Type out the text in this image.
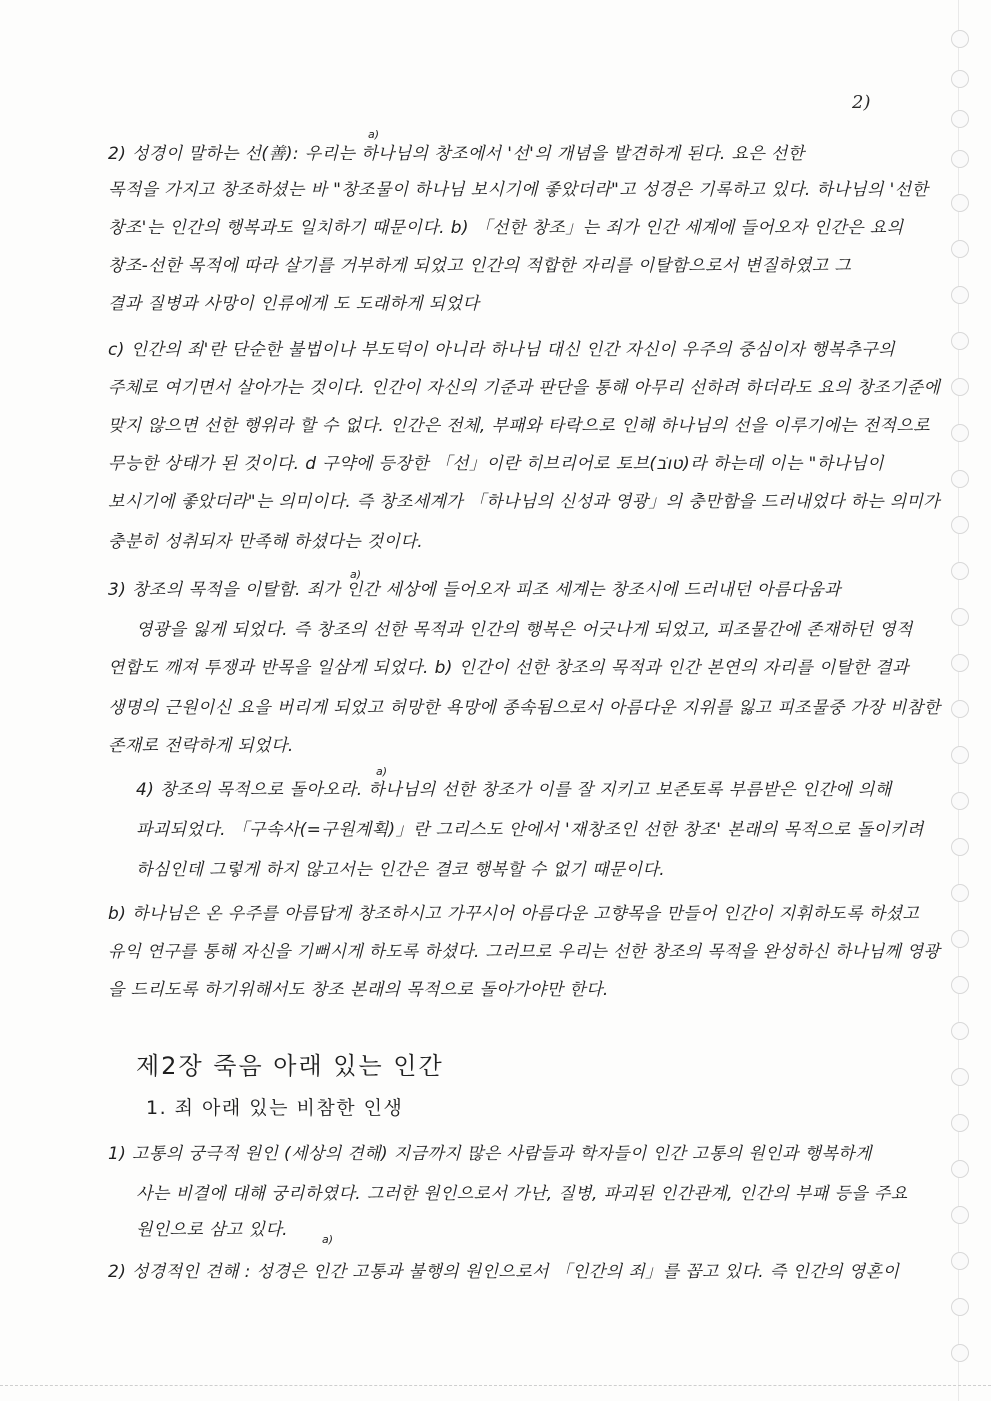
2)
a)
a)
a)
a)
2) 성경이 말하는 선(善): 우리는 하나님의 창조에서 '선'의 개념을 발견하게 된다. 요은 선한
목적을 가지고 창조하셨는 바 "창조물이 하나님 보시기에 좋았더라"고 성경은 기록하고 있다. 하나님의 '선한
창조'는 인간의 행복과도 일치하기 때문이다. b) 「선한 창조」는 죄가 인간 세계에 들어오자 인간은 요의
창조-선한 목적에 따라 살기를 거부하게 되었고 인간의 적합한 자리를 이탈함으로서 변질하였고 그
결과 질병과 사망이 인류에게 도 도래하게 되었다
c) 인간의 죄'란 단순한 불법이나 부도덕이 아니라 하나님 대신 인간 자신이 우주의 중심이자 행복추구의
주체로 여기면서 살아가는 것이다. 인간이 자신의 기준과 판단을 통해 아무리 선하려 하더라도 요의 창조기준에
맞지 않으면 선한 행위라 할 수 없다. 인간은 전체, 부패와 타락으로 인해 하나님의 선을 이루기에는 전적으로
무능한 상태가 된 것이다. d 구약에 등장한 「선」이란 히브리어로 토브(טוֹב)라 하는데 이는 "하나님이
보시기에 좋았더라"는 의미이다. 즉 창조세계가 「하나님의 신성과 영광」의 충만함을 드러내었다 하는 의미가
충분히 성취되자 만족해 하셨다는 것이다.
3) 창조의 목적을 이탈함. 죄가 인간 세상에 들어오자 피조 세계는 창조시에 드러내던 아름다움과
영광을 잃게 되었다. 즉 창조의 선한 목적과 인간의 행복은 어긋나게 되었고, 피조물간에 존재하던 영적
연합도 깨져 투쟁과 반목을 일삼게 되었다. b) 인간이 선한 창조의 목적과 인간 본연의 자리를 이탈한 결과
생명의 근원이신 요을 버리게 되었고 허망한 욕망에 종속됨으로서 아름다운 지위를 잃고 피조물중 가장 비참한
존재로 전락하게 되었다.
4) 창조의 목적으로 돌아오라. 하나님의 선한 창조가 이를 잘 지키고 보존토록 부름받은 인간에 의해
파괴되었다. 「구속사(=구원계획)」란 그리스도 안에서 '재창조인 선한 창조' 본래의 목적으로 돌이키려
하심인데 그렇게 하지 않고서는 인간은 결코 행복할 수 없기 때문이다.
b) 하나님은 온 우주를 아름답게 창조하시고 가꾸시어 아름다운 고향목을 만들어 인간이 지휘하도록 하셨고
유익 연구를 통해 자신을 기뻐시게 하도록 하셨다. 그러므로 우리는 선한 창조의 목적을 완성하신 하나님께 영광
을 드리도록 하기위해서도 창조 본래의 목적으로 돌아가야만 한다.
제2장 죽음 아래 있는 인간
1. 죄 아래 있는 비참한 인생
1) 고통의 궁극적 원인 (세상의 견해) 지금까지 많은 사람들과 학자들이 인간 고통의 원인과 행복하게
사는 비결에 대해 궁리하였다. 그러한 원인으로서 가난, 질병, 파괴된 인간관계, 인간의 부패 등을 주요
원인으로 삼고 있다.
2) 성경적인 견해 : 성경은 인간 고통과 불행의 원인으로서 「인간의 죄」를 꼽고 있다. 즉 인간의 영혼이
